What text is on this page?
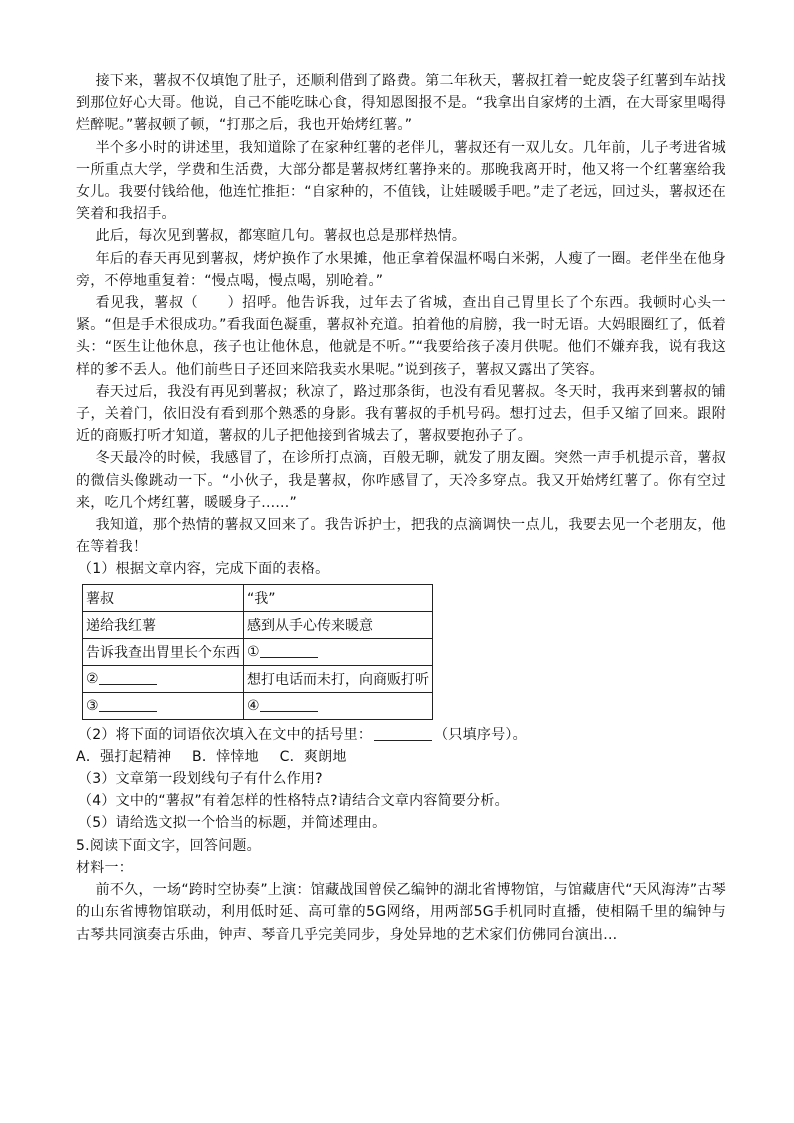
接下来，薯叔不仅填饱了肚子，还顺利借到了路费。第二年秋天，薯叔扛着一蛇皮袋子红薯到车站找到那位好心大哥。他说，自己不能吃昧心食，得知恩图报不是。“我拿出自家烤的土酒，在大哥家里喝得烂醉呢。”薯叔顿了顿，“打那之后，我也开始烤红薯。”

半个多小时的讲述里，我知道除了在家种红薯的老伴儿，薯叔还有一双儿女。几年前，儿子考进省城一所重点大学，学费和生活费，大部分都是薯叔烤红薯挣来的。那晚我离开时，他又将一个红薯塞给我女儿。我要付钱给他，他连忙推拒：“自家种的，不值钱，让娃暖暖手吧。”走了老远，回过头，薯叔还在笑着和我招手。

此后，每次见到薯叔，都寒暄几句。薯叔也总是那样热情。

年后的春天再见到薯叔，烤炉换作了水果摊，他正拿着保温杯喝白米粥，人瘦了一圈。老伴坐在他身旁，不停地重复着：“慢点喝，慢点喝，别呛着。”

看见我，薯叔（　　）招呼。他告诉我，过年去了省城，查出自己胃里长了个东西。我顿时心头一紧。“但是手术很成功。”看我面色凝重，薯叔补充道。拍着他的肩膀，我一时无语。大妈眼圈红了，低着头：“医生让他休息，孩子也让他休息，他就是不听。”“我要给孩子凑月供呢。他们不嫌弃我，说有我这样的爹不丢人。他们前些日子还回来陪我卖水果呢。”说到孩子，薯叔又露出了笑容。

春天过后，我没有再见到薯叔；秋凉了，路过那条街，也没有看见薯叔。冬天时，我再来到薯叔的铺子，关着门，依旧没有看到那个熟悉的身影。我有薯叔的手机号码。想打过去，但手又缩了回来。跟附近的商贩打听才知道，薯叔的儿子把他接到省城去了，薯叔要抱孙子了。

冬天最冷的时候，我感冒了，在诊所打点滴，百般无聊，就发了朋友圈。突然一声手机提示音，薯叔的微信头像跳动一下。“小伙子，我是薯叔，你咋感冒了，天冷多穿点。我又开始烤红薯了。你有空过来，吃几个烤红薯，暖暖身子......”

我知道，那个热情的薯叔又回来了。我告诉护士，把我的点滴调快一点儿，我要去见一个老朋友，他在等着我！

（1）根据文章内容，完成下面的表格。

薯叔	“我”
递给我红薯	感到从手心传来暖意
告诉我查出胃里长个东西	①
②	想打电话而未打，向商贩打听
③	④

（2）将下面的词语依次填入在文中的括号里：	（只填序号）。

A．强打起精神 B．悻悻地 C．爽朗地

（3）文章第一段划线句子有什么作用?

（4）文中的“薯叔”有着怎样的性格特点?请结合文章内容简要分析。

（5）请给选文拟一个恰当的标题，并简述理由。

5.阅读下面文字，回答问题。

材料一：

前不久，一场“跨时空协奏”上演：馆藏战国曾侯乙编钟的湖北省博物馆，与馆藏唐代“天风海涛”古琴的山东省博物馆联动，利用低时延、高可靠的5G网络，用两部5G手机同时直播，使相隔千里的编钟与古琴共同演奏古乐曲，钟声、琴音几乎完美同步，身处异地的艺术家们仿佛同台演出...
